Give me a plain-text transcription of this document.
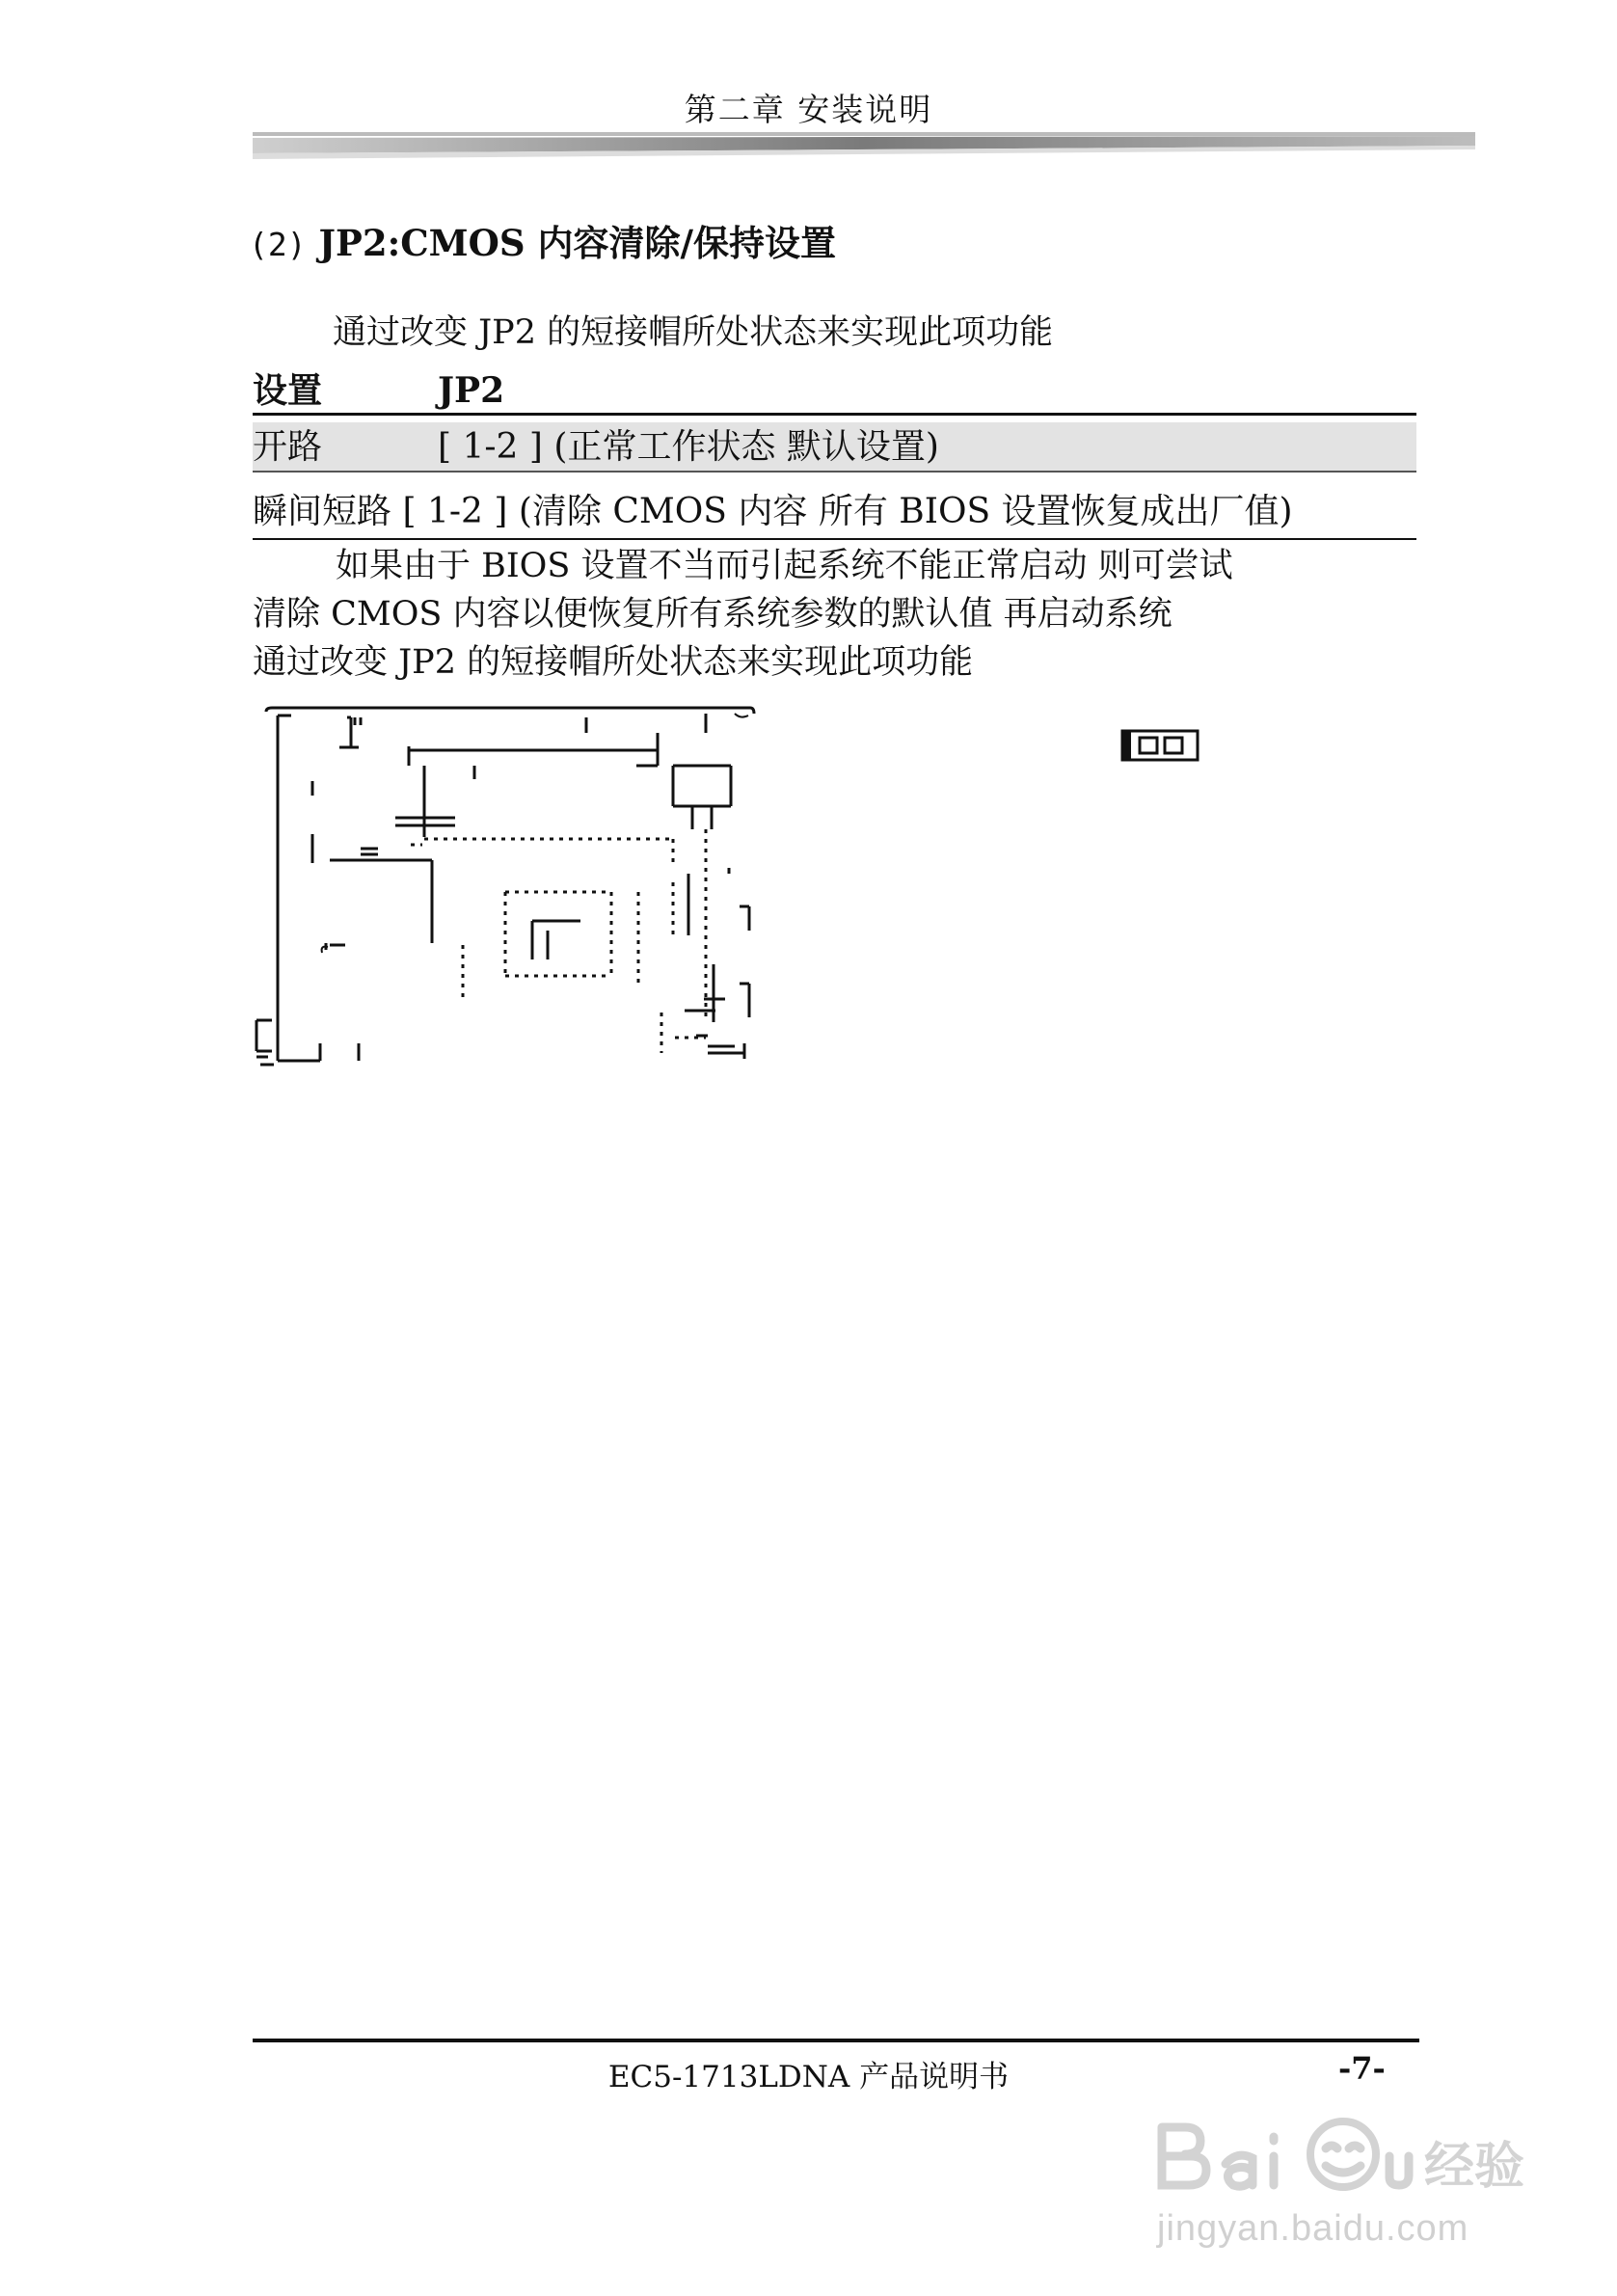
第二章 安装说明
(2) JP2:CMOS 内容清除/保持设置
通过改变 JP2 的短接帽所处状态来实现此项功能
设置	JP2
开路	[ 1-2 ] (正常工作状态 默认设置)
瞬间短路 [ 1-2 ] (清除 CMOS 内容 所有 BIOS 设置恢复成出厂值)

如果由于 BIOS 设置不当而引起系统不能正常启动 则可尝试

清除 CMOS 内容以便恢复所有系统参数的默认值 再启动系统

通过改变 JP2 的短接帽所处状态来实现此项功能

EC5-1713LDNA 产品说明书	-7-
经验
jingyan.baidu.com
